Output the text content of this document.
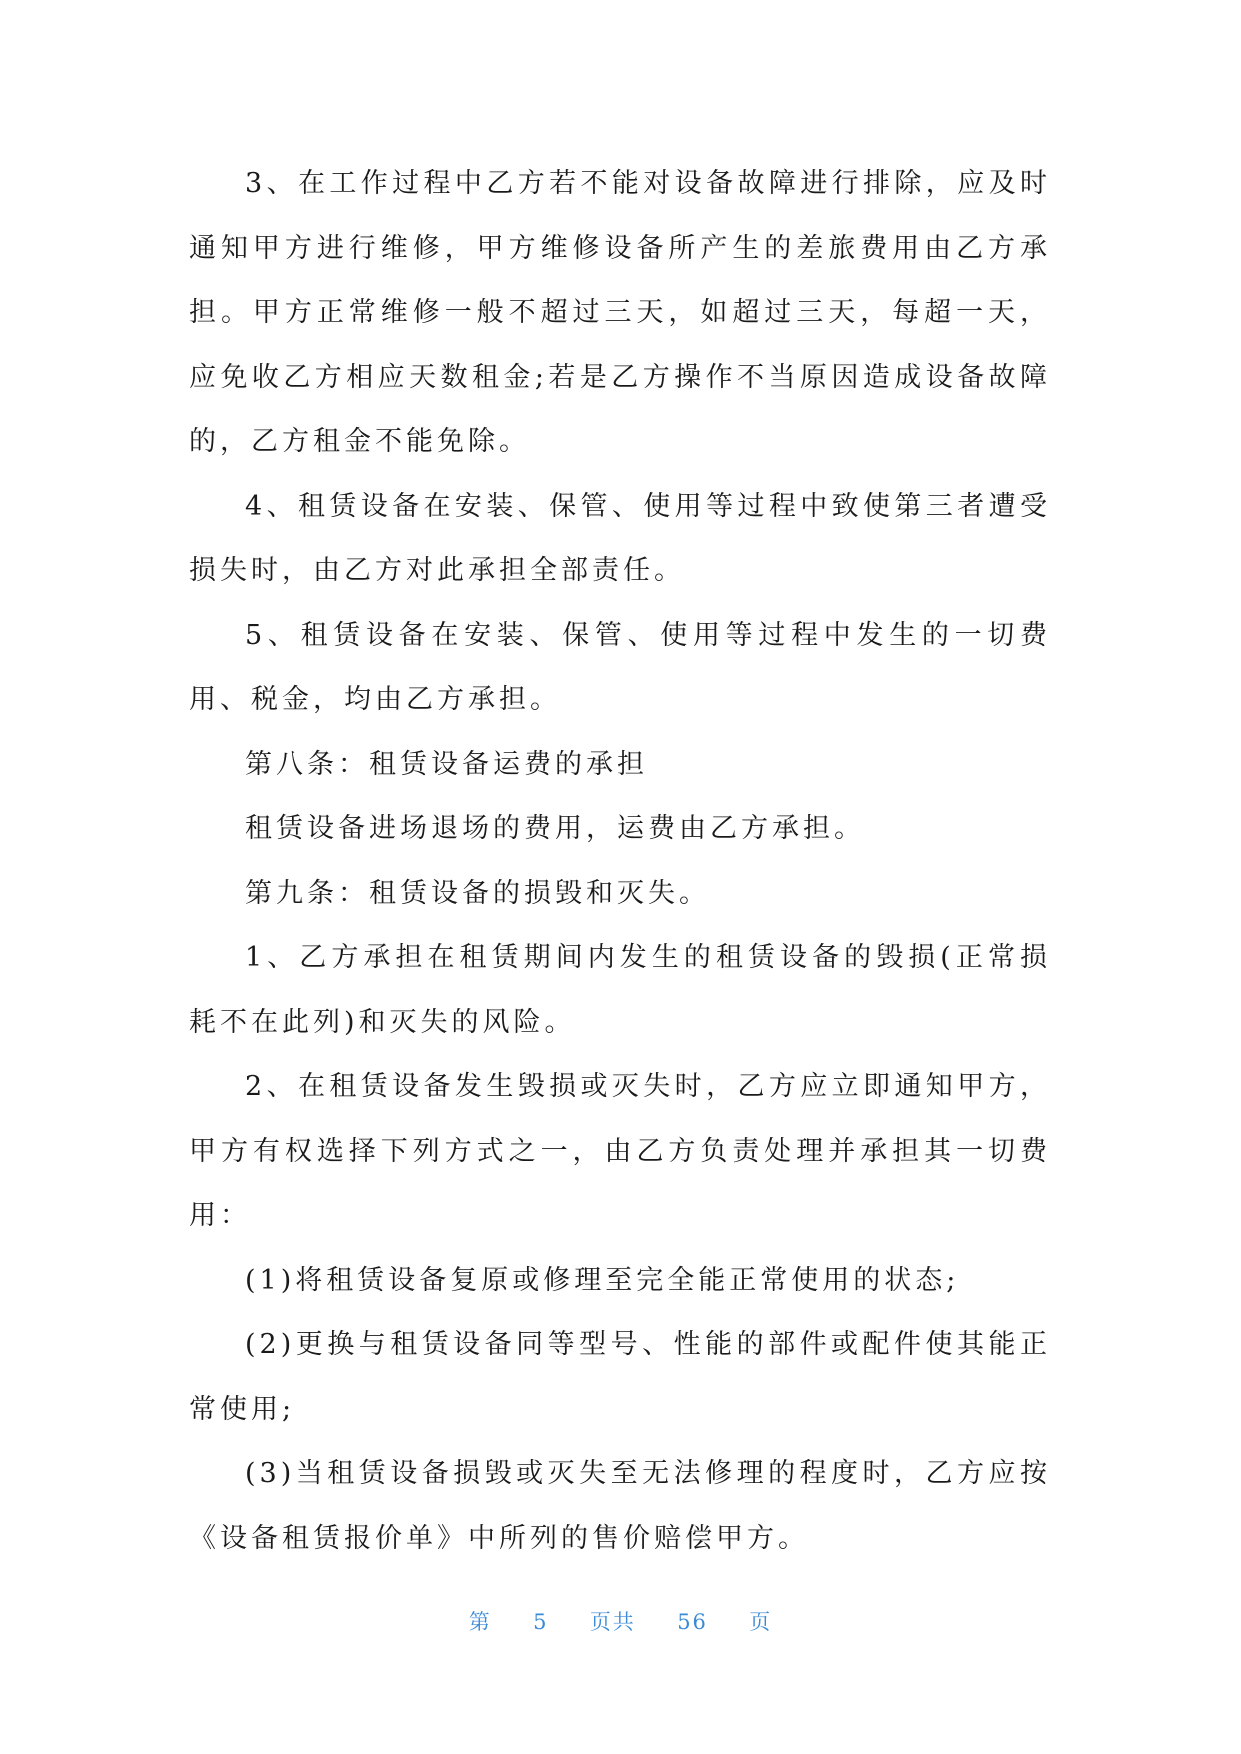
3、在工作过程中乙方若不能对设备故障进行排除，应及时通知甲方进行维修，甲方维修设备所产生的差旅费用由乙方承担。甲方正常维修一般不超过三天，如超过三天，每超一天，应免收乙方相应天数租金;若是乙方操作不当原因造成设备故障的，乙方租金不能免除。

4、租赁设备在安装、保管、使用等过程中致使第三者遭受损失时，由乙方对此承担全部责任。

5、租赁设备在安装、保管、使用等过程中发生的一切费用、税金，均由乙方承担。

第八条：租赁设备运费的承担

租赁设备进场退场的费用，运费由乙方承担。

第九条：租赁设备的损毁和灭失。

1、乙方承担在租赁期间内发生的租赁设备的毁损(正常损耗不在此列)和灭失的风险。

2、在租赁设备发生毁损或灭失时，乙方应立即通知甲方，甲方有权选择下列方式之一，由乙方负责处理并承担其一切费用：

(1)将租赁设备复原或修理至完全能正常使用的状态;

(2)更换与租赁设备同等型号、性能的部件或配件使其能正常使用;

(3)当租赁设备损毁或灭失至无法修理的程度时，乙方应按《设备租赁报价单》中所列的售价赔偿甲方。

第 5 页共 56 页
